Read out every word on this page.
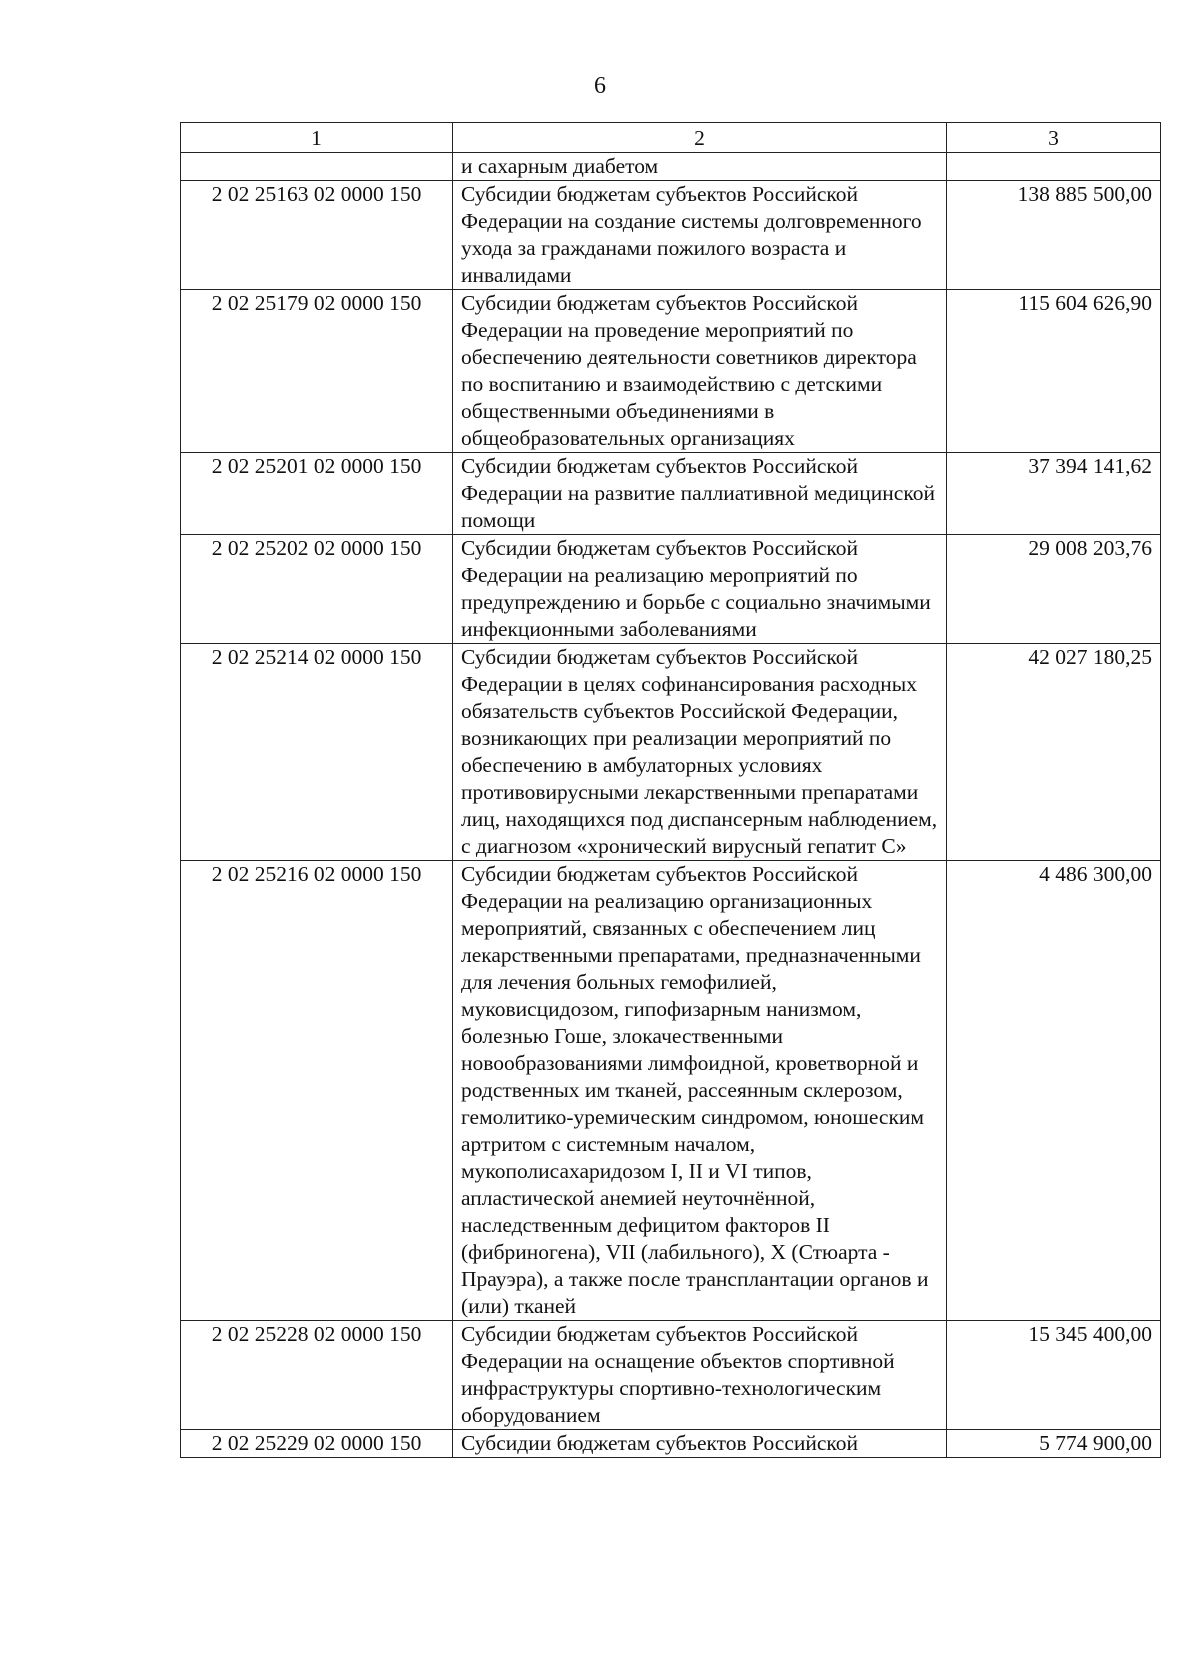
6
1	2	3
	и сахарным диабетом	
2 02 25163 02 0000 150	Субсидии бюджетам субъектов Российской Федерации на создание системы долговременного ухода за гражданами пожилого возраста и инвалидами	138 885 500,00
2 02 25179 02 0000 150	Субсидии бюджетам субъектов Российской Федерации на проведение мероприятий по обеспечению деятельности советников директора по воспитанию и взаимодействию с детскими общественными объединениями в общеобразовательных организациях	115 604 626,90
2 02 25201 02 0000 150	Субсидии бюджетам субъектов Российской Федерации на развитие паллиативной медицинской помощи	37 394 141,62
2 02 25202 02 0000 150	Субсидии бюджетам субъектов Российской Федерации на реализацию мероприятий по предупреждению и борьбе с социально значимыми инфекционными заболеваниями	29 008 203,76
2 02 25214 02 0000 150	Субсидии бюджетам субъектов Российской Федерации в целях софинансирования расходных обязательств субъектов Российской Федерации, возникающих при реализации мероприятий по обеспечению в амбулаторных условиях противовирусными лекарственными препаратами лиц, находящихся под диспансерным наблюдением, с диагнозом «хронический вирусный гепатит С»	42 027 180,25
2 02 25216 02 0000 150	Субсидии бюджетам субъектов Российской Федерации на реализацию организационных мероприятий, связанных с обеспечением лиц лекарственными препаратами, предназначенными для лечения больных гемофилией, муковисцидозом, гипофизарным нанизмом, болезнью Гоше, злокачественными новообразованиями лимфоидной, кроветворной и родственных им тканей, рассеянным склерозом, гемолитико-уремическим синдромом, юношеским артритом с системным началом, мукополисахаридозом I, II и VI типов, апластической анемией неуточнённой, наследственным дефицитом факторов II (фибриногена), VII (лабильного), X (Стюарта - Прауэра), а также после трансплантации органов и (или) тканей	4 486 300,00
2 02 25228 02 0000 150	Субсидии бюджетам субъектов Российской Федерации на оснащение объектов спортивной инфраструктуры спортивно-технологическим оборудованием	15 345 400,00
2 02 25229 02 0000 150	Субсидии бюджетам субъектов Российской	5 774 900,00
